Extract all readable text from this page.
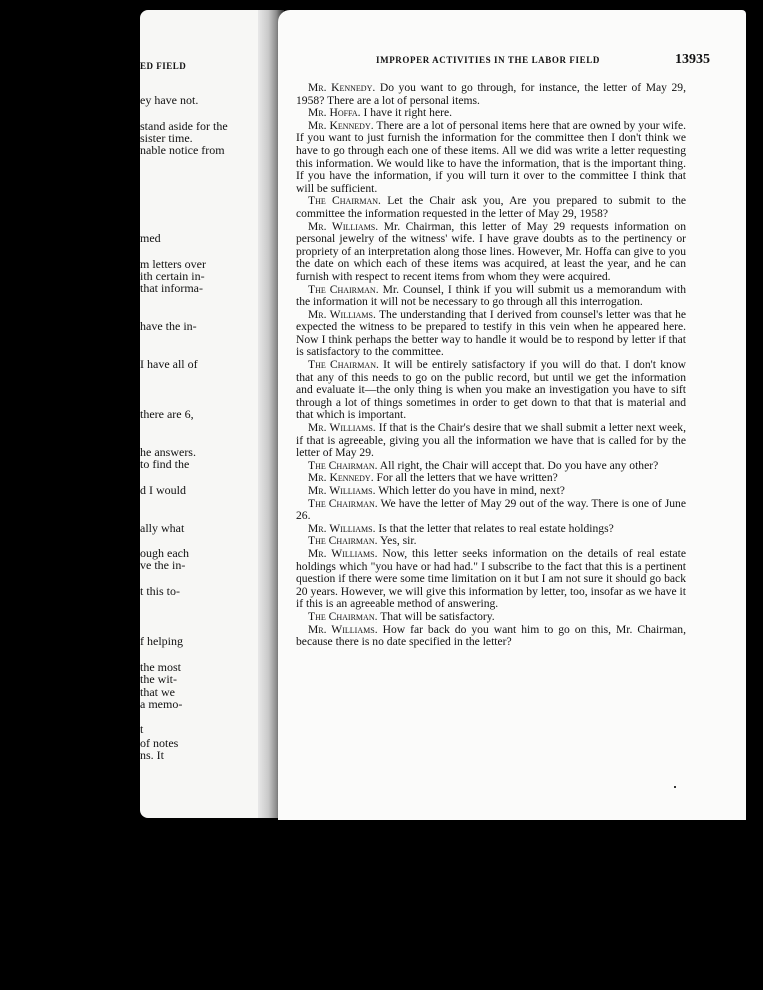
ED FIELD
ey have not.
stand aside for the
sister time.
nable notice from
med
m letters over
ith certain in-
that informa-
have the in-
I have all of
there are 6,
he answers.
to find the
d I would
ally what
ough each
ve the in-
t this to-
f helping
the most
the wit-
that we
a memo-
t
of notes
ns. It
IMPROPER ACTIVITIES IN THE LABOR FIELD	13935

Mr. Kennedy. Do you want to go through, for instance, the letter of May 29, 1958? There are a lot of personal items.

Mr. Hoffa. I have it right here.

Mr. Kennedy. There are a lot of personal items here that are owned by your wife. If you want to just furnish the information for the committee then I don't think we have to go through each one of these items. All we did was write a letter requesting this information. We would like to have the information, that is the important thing. If you have the information, if you will turn it over to the committee I think that will be sufficient.

The Chairman. Let the Chair ask you, Are you prepared to submit to the committee the information requested in the letter of May 29, 1958?

Mr. Williams. Mr. Chairman, this letter of May 29 requests information on personal jewelry of the witness' wife. I have grave doubts as to the pertinency or propriety of an interpretation along those lines. However, Mr. Hoffa can give to you the date on which each of these items was acquired, at least the year, and he can furnish with respect to recent items from whom they were acquired.

The Chairman. Mr. Counsel, I think if you will submit us a memorandum with the information it will not be necessary to go through all this interrogation.

Mr. Williams. The understanding that I derived from counsel's letter was that he expected the witness to be prepared to testify in this vein when he appeared here. Now I think perhaps the better way to handle it would be to respond by letter if that is satisfactory to the committee.

The Chairman. It will be entirely satisfactory if you will do that. I don't know that any of this needs to go on the public record, but until we get the information and evaluate it—the only thing is when you make an investigation you have to sift through a lot of things sometimes in order to get down to that that is material and that which is important.

Mr. Williams. If that is the Chair's desire that we shall submit a letter next week, if that is agreeable, giving you all the information we have that is called for by the letter of May 29.

The Chairman. All right, the Chair will accept that. Do you have any other?

Mr. Kennedy. For all the letters that we have written?

Mr. Williams. Which letter do you have in mind, next?

The Chairman. We have the letter of May 29 out of the way. There is one of June 26.

Mr. Williams. Is that the letter that relates to real estate holdings?

The Chairman. Yes, sir.

Mr. Williams. Now, this letter seeks information on the details of real estate holdings which "you have or had had." I subscribe to the fact that this is a pertinent question if there were some time limitation on it but I am not sure it should go back 20 years. However, we will give this information by letter, too, insofar as we have it if this is an agreeable method of answering.

The Chairman. That will be satisfactory.

Mr. Williams. How far back do you want him to go on this, Mr. Chairman, because there is no date specified in the letter?
